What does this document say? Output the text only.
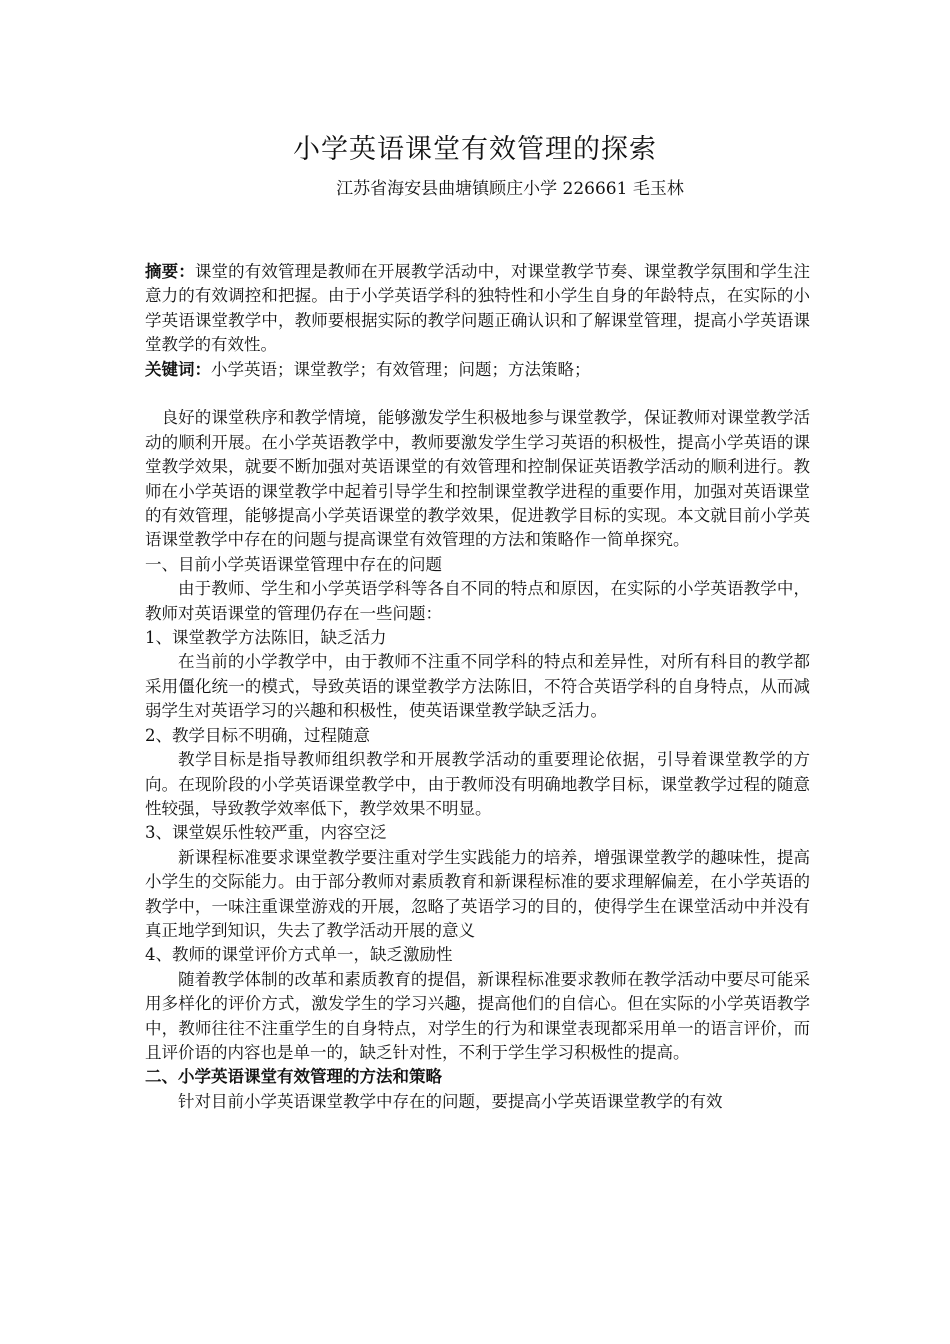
小学英语课堂有效管理的探索
江苏省海安县曲塘镇顾庄小学 226661 毛玉林

摘要：课堂的有效管理是教师在开展教学活动中，对课堂教学节奏、课堂教学氛围和学生注意力的有效调控和把握。由于小学英语学科的独特性和小学生自身的年龄特点，在实际的小学英语课堂教学中，教师要根据实际的教学问题正确认识和了解课堂管理，提高小学英语课堂教学的有效性。

关键词：小学英语；课堂教学；有效管理；问题；方法策略；

良好的课堂秩序和教学情境，能够激发学生积极地参与课堂教学，保证教师对课堂教学活动的顺利开展。在小学英语教学中，教师要激发学生学习英语的积极性，提高小学英语的课堂教学效果，就要不断加强对英语课堂的有效管理和控制保证英语教学活动的顺利进行。教师在小学英语的课堂教学中起着引导学生和控制课堂教学进程的重要作用，加强对英语课堂的有效管理，能够提高小学英语课堂的教学效果，促进教学目标的实现。本文就目前小学英语课堂教学中存在的问题与提高课堂有效管理的方法和策略作一简单探究。

一、目前小学英语课堂管理中存在的问题

由于教师、学生和小学英语学科等各自不同的特点和原因，在实际的小学英语教学中，教师对英语课堂的管理仍存在一些问题：

1、课堂教学方法陈旧，缺乏活力

在当前的小学教学中，由于教师不注重不同学科的特点和差异性，对所有科目的教学都采用僵化统一的模式，导致英语的课堂教学方法陈旧，不符合英语学科的自身特点，从而减弱学生对英语学习的兴趣和积极性，使英语课堂教学缺乏活力。

2、教学目标不明确，过程随意

教学目标是指导教师组织教学和开展教学活动的重要理论依据，引导着课堂教学的方向。在现阶段的小学英语课堂教学中，由于教师没有明确地教学目标，课堂教学过程的随意性较强，导致教学效率低下，教学效果不明显。

3、课堂娱乐性较严重，内容空泛

新课程标准要求课堂教学要注重对学生实践能力的培养，增强课堂教学的趣味性，提高小学生的交际能力。由于部分教师对素质教育和新课程标准的要求理解偏差，在小学英语的教学中，一味注重课堂游戏的开展，忽略了英语学习的目的，使得学生在课堂活动中并没有真正地学到知识，失去了教学活动开展的意义

4、教师的课堂评价方式单一，缺乏激励性

随着教学体制的改革和素质教育的提倡，新课程标准要求教师在教学活动中要尽可能采用多样化的评价方式，激发学生的学习兴趣，提高他们的自信心。但在实际的小学英语教学中，教师往往不注重学生的自身特点，对学生的行为和课堂表现都采用单一的语言评价，而且评价语的内容也是单一的，缺乏针对性，不利于学生学习积极性的提高。

二、小学英语课堂有效管理的方法和策略

针对目前小学英语课堂教学中存在的问题，要提高小学英语课堂教学的有效
